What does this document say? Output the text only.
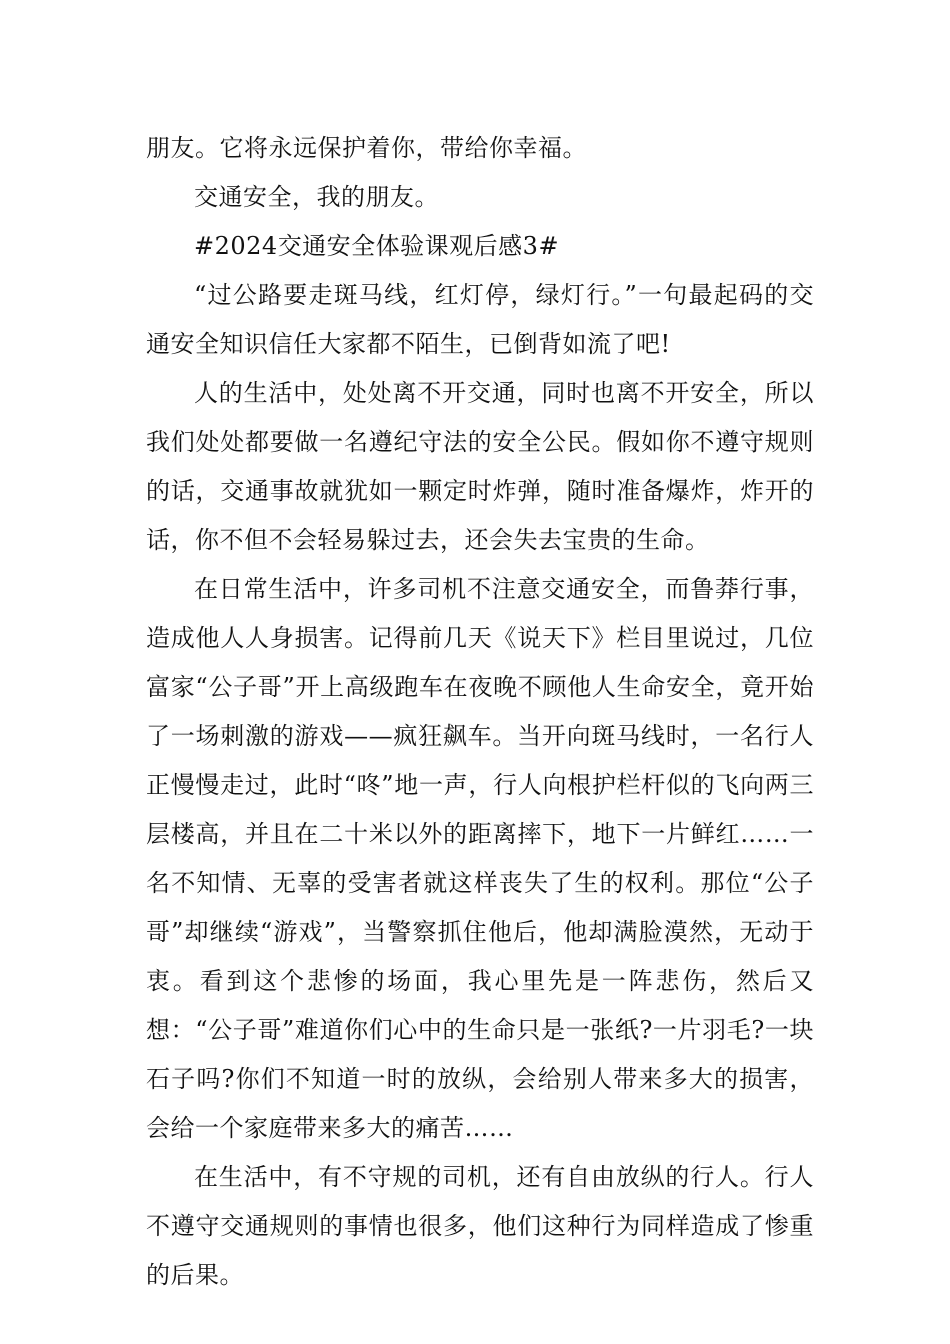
朋友。它将永远保护着你，带给你幸福。

交通安全，我的朋友。

#2024交通安全体验课观后感3#

“过公路要走斑马线，红灯停，绿灯行。”一句最起码的交通安全知识信任大家都不陌生，已倒背如流了吧!

人的生活中，处处离不开交通，同时也离不开安全，所以我们处处都要做一名遵纪守法的安全公民。假如你不遵守规则的话，交通事故就犹如一颗定时炸弹，随时准备爆炸，炸开的话，你不但不会轻易躲过去，还会失去宝贵的生命。

在日常生活中，许多司机不注意交通安全，而鲁莽行事，造成他人人身损害。记得前几天《说天下》栏目里说过，几位富家“公子哥”开上高级跑车在夜晚不顾他人生命安全，竟开始了一场刺激的游戏——疯狂飙车。当开向斑马线时，一名行人正慢慢走过，此时“咚”地一声，行人向根护栏杆似的飞向两三层楼高，并且在二十米以外的距离摔下，地下一片鲜红……一名不知情、无辜的受害者就这样丧失了生的权利。那位“公子哥”却继续“游戏”，当警察抓住他后，他却满脸漠然，无动于衷。看到这个悲惨的场面，我心里先是一阵悲伤，然后又想：“公子哥”难道你们心中的生命只是一张纸?一片羽毛?一块石子吗?你们不知道一时的放纵，会给别人带来多大的损害，会给一个家庭带来多大的痛苦……

在生活中，有不守规的司机，还有自由放纵的行人。行人不遵守交通规则的事情也很多，他们这种行为同样造成了惨重的后果。
